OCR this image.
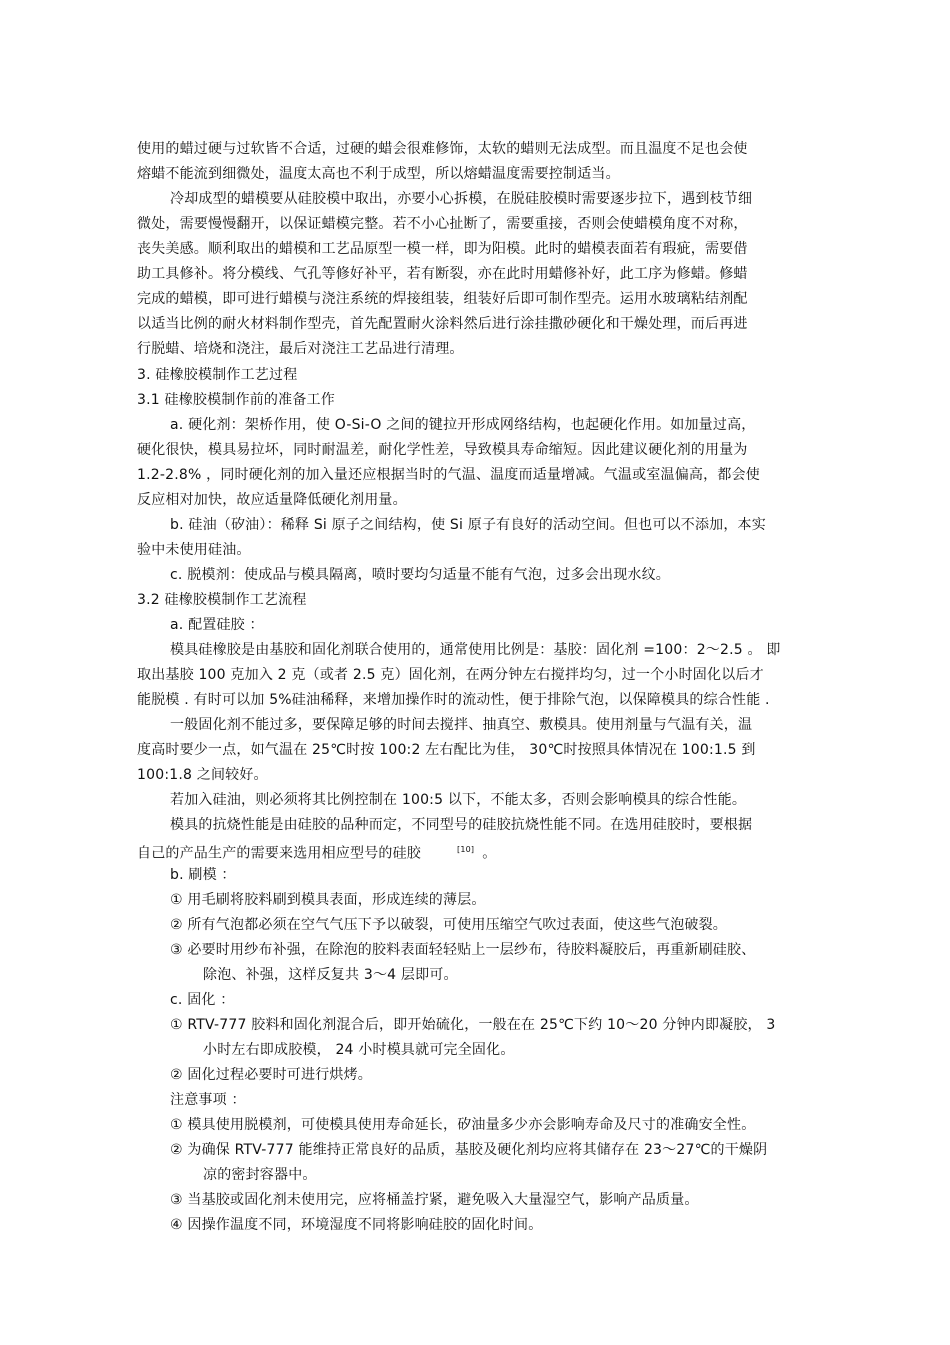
使用的蜡过硬与过软皆不合适，过硬的蜡会很难修饰，太软的蜡则无法成型。而且温度不足也会使
熔蜡不能流到细微处，温度太高也不利于成型，所以熔蜡温度需要控制适当。
冷却成型的蜡模要从硅胶模中取出，亦要小心拆模，在脱硅胶模时需要逐步拉下，遇到枝节细
微处，需要慢慢翻开，以保证蜡模完整。若不小心扯断了，需要重接，否则会使蜡模角度不对称，
丧失美感。顺利取出的蜡模和工艺品原型一模一样，即为阳模。此时的蜡模表面若有瑕疵，需要借
助工具修补。将分模线、气孔等修好补平，若有断裂，亦在此时用蜡修补好，此工序为修蜡。修蜡
完成的蜡模，即可进行蜡模与浇注系统的焊接组装，组装好后即可制作型壳。运用水玻璃粘结剂配
以适当比例的耐火材料制作型壳，首先配置耐火涂料然后进行涂挂撒砂硬化和干燥处理，而后再进
行脱蜡、培烧和浇注，最后对浇注工艺品进行清理。
3. 硅橡胶模制作工艺过程
3.1 硅橡胶模制作前的准备工作
a. 硬化剂：架桥作用，使 O-Si-O 之间的键拉开形成网络结构，也起硬化作用。如加量过高，
硬化很快，模具易拉坏，同时耐温差，耐化学性差，导致模具寿命缩短。因此建议硬化剂的用量为
1.2-2.8% ，同时硬化剂的加入量还应根据当时的气温、温度而适量增减。气温或室温偏高，都会使
反应相对加快，故应适量降低硬化剂用量。
b. 硅油（矽油）：稀释 Si 原子之间结构，使 Si 原子有良好的活动空间。但也可以不添加，本实
验中未使用硅油。
c. 脱模剂：使成品与模具隔离，喷时要均匀适量不能有气泡，过多会出现水纹。
3.2 硅橡胶模制作工艺流程
a. 配置硅胶 ：
模具硅橡胶是由基胶和固化剂联合使用的，通常使用比例是：基胶：固化剂 =100：2～2.5 。 即
取出基胶 100 克加入 2 克（或者 2.5 克）固化剂，在两分钟左右搅拌均匀，过一个小时固化以后才
能脱模 . 有时可以加 5%硅油稀释，来增加操作时的流动性，便于排除气泡，以保障模具的综合性能 .
一般固化剂不能过多，要保障足够的时间去搅拌、抽真空、敷模具。使用剂量与气温有关，温
度高时要少一点，如气温在 25℃时按 100:2 左右配比为佳， 30℃时按照具体情况在 100:1.5 到
100:1.8 之间较好。
若加入硅油，则必须将其比例控制在 100:5 以下，不能太多，否则会影响模具的综合性能。
模具的抗烧性能是由硅胶的品种而定，不同型号的硅胶抗烧性能不同。在选用硅胶时，要根据
自己的产品生产的需要来选用相应型号的硅胶	[10] 。
b. 刷模 ：
① 用毛刷将胶料刷到模具表面，形成连续的薄层。
② 所有气泡都必须在空气气压下予以破裂，可使用压缩空气吹过表面，使这些气泡破裂。
③ 必要时用纱布补强，在除泡的胶料表面轻轻贴上一层纱布，待胶料凝胶后，再重新刷硅胶、
除泡、补强，这样反复共 3～4 层即可。
c. 固化 ：
① RTV-777 胶料和固化剂混合后，即开始硫化，一般在在 25℃下约 10～20 分钟内即凝胶， 3
小时左右即成胶模， 24 小时模具就可完全固化。
② 固化过程必要时可进行烘烤。
注意事项 ：
① 模具使用脱模剂，可使模具使用寿命延长，矽油量多少亦会影响寿命及尺寸的准确安全性。
② 为确保 RTV-777 能维持正常良好的品质，基胶及硬化剂均应将其储存在 23～27℃的干燥阴
凉的密封容器中。
③ 当基胶或固化剂未使用完，应将桶盖拧紧，避免吸入大量湿空气，影响产品质量。
④ 因操作温度不同，环境湿度不同将影响硅胶的固化时间。
